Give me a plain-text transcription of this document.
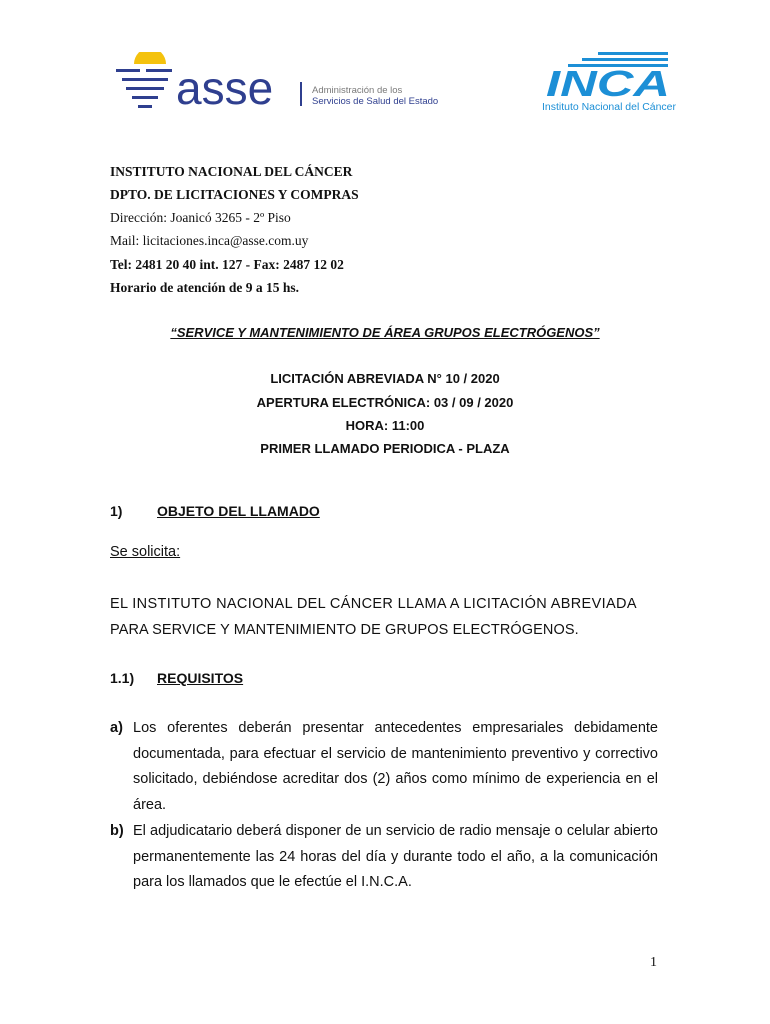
asse	Administración de los
Servicios de Salud del Estado	INCA
Instituto Nacional del Cáncer
INSTITUTO NACIONAL DEL CÁNCER
DPTO. DE LICITACIONES Y COMPRAS
Dirección: Joanicó 3265 - 2º Piso
Mail: licitaciones.inca@asse.com.uy
Tel: 2481 20 40 int. 127 - Fax: 2487 12 02
Horario de atención de 9 a 15 hs.
“SERVICE Y MANTENIMIENTO DE ÁREA GRUPOS ELECTRÓGENOS”
LICITACIÓN ABREVIADA N° 10 / 2020
APERTURA ELECTRÓNICA: 03 / 09 / 2020
HORA: 11:00
PRIMER LLAMADO PERIODICA - PLAZA
1) OBJETO DEL LLAMADO
Se solicita:
EL INSTITUTO NACIONAL DEL CÁNCER LLAMA A LICITACIÓN ABREVIADA
PARA SERVICE Y MANTENIMIENTO DE GRUPOS ELECTRÓGENOS.
1.1) REQUISITOS
a) Los oferentes deberán presentar antecedentes empresariales debidamente documentada, para efectuar el servicio de mantenimiento preventivo y correctivo solicitado, debiéndose acreditar dos (2) años como mínimo de experiencia en el área.
b) El adjudicatario deberá disponer de un servicio de radio mensaje o celular abierto permanentemente las 24 horas del día y durante todo el año, a la comunicación para los llamados que le efectúe el I.N.C.A.
1
